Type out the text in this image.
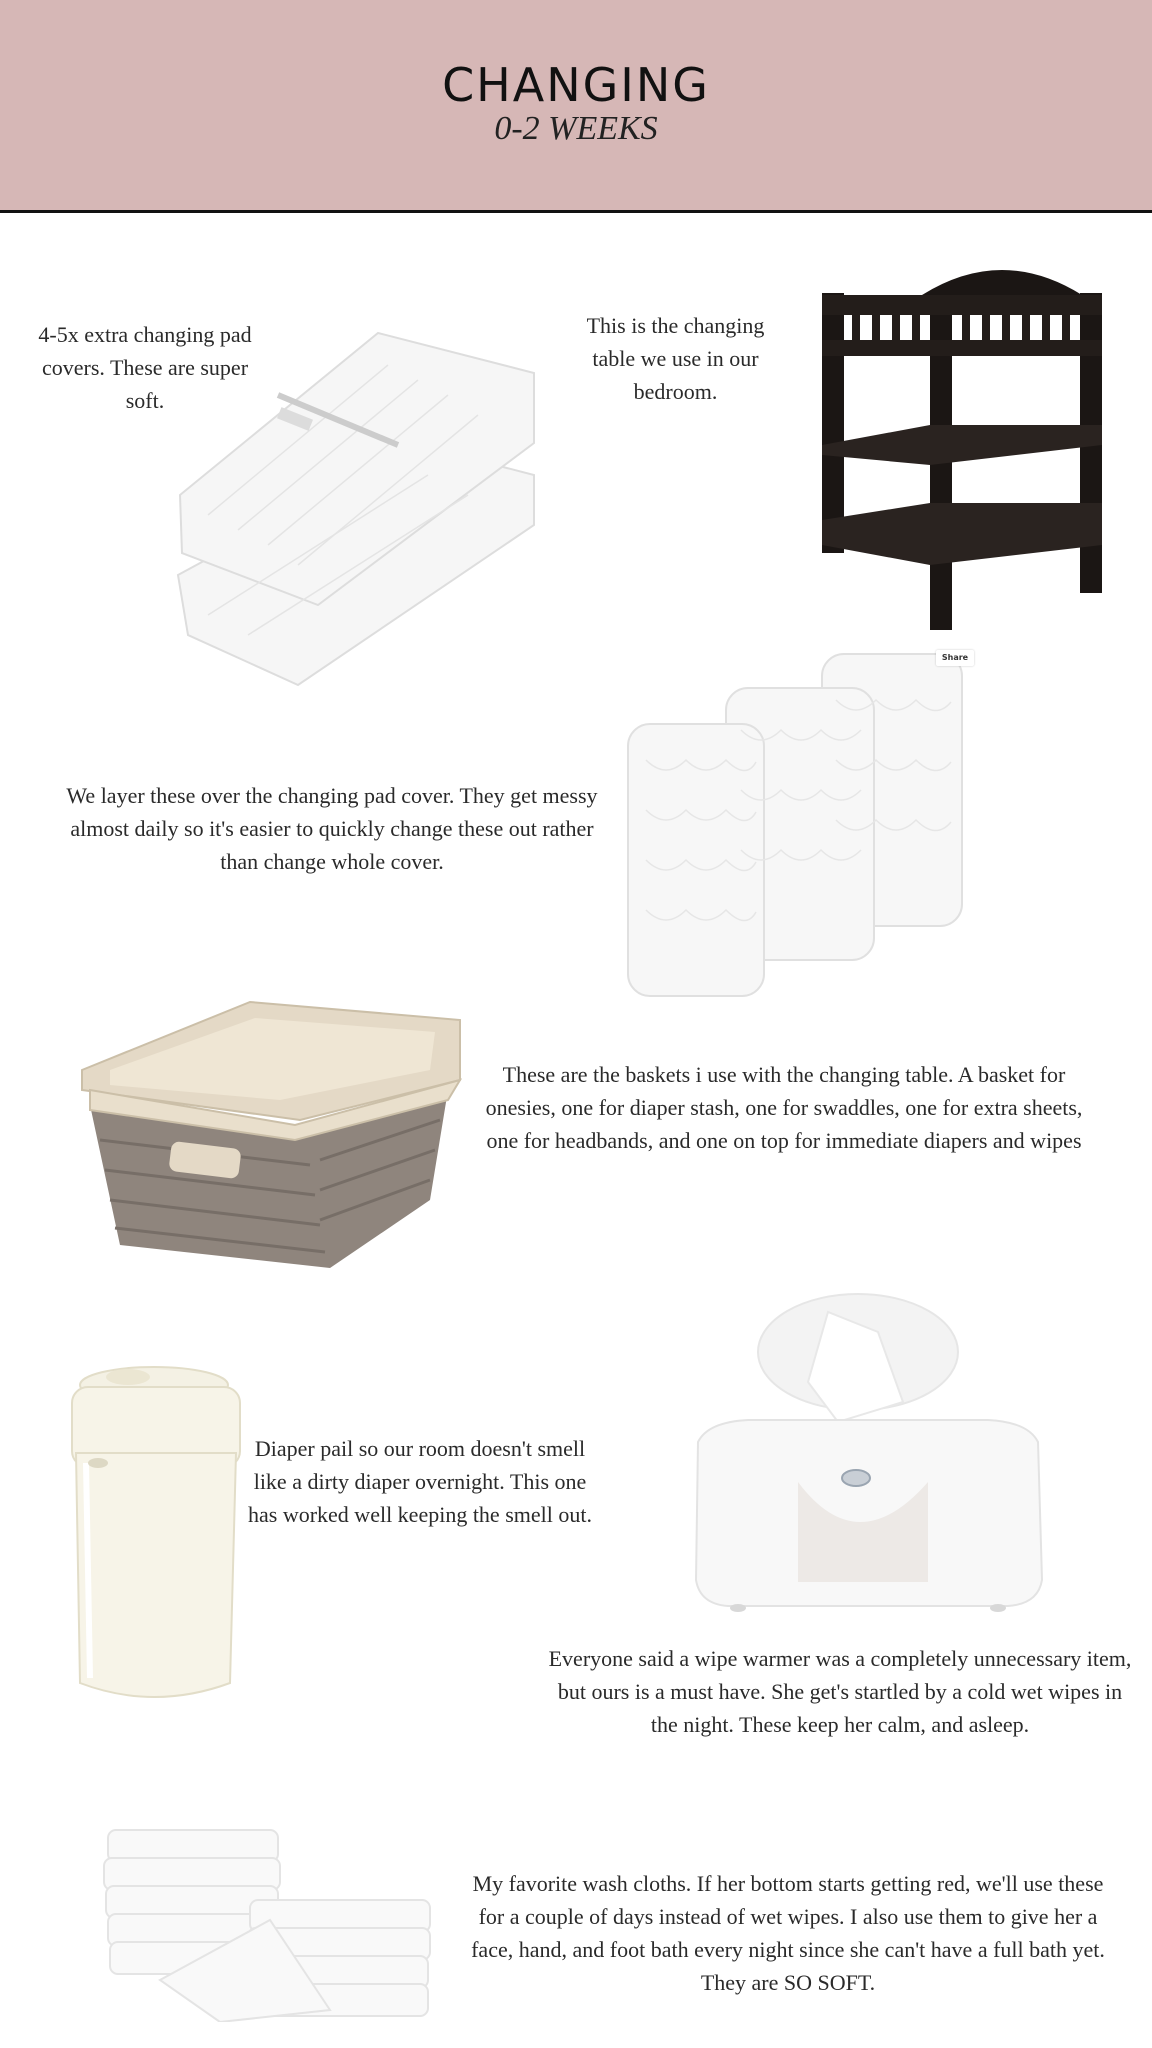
CHANGING
0-2 WEEKS
4-5x extra changing pad covers. These are super soft.
This is the changing table we use in our bedroom.
We layer these over the changing pad cover. They get messy almost daily so it's easier to quickly change these out rather than change whole cover.
Share
These are the baskets i use with the changing table. A basket for onesies, one for diaper stash, one for swaddles, one for extra sheets, one for headbands, and one on top for immediate diapers and wipes
Diaper pail so our room doesn't smell like a dirty diaper overnight. This one has worked well keeping the smell out.
Everyone said a wipe warmer was a completely unnecessary item, but ours is a must have. She get's startled by a cold wet wipes in the night. These keep her calm, and asleep.
My favorite wash cloths. If her bottom starts getting red, we'll use these for a couple of days instead of wet wipes. I also use them to give her a face, hand, and foot bath every night since she can't have a full bath yet. They are SO SOFT.
